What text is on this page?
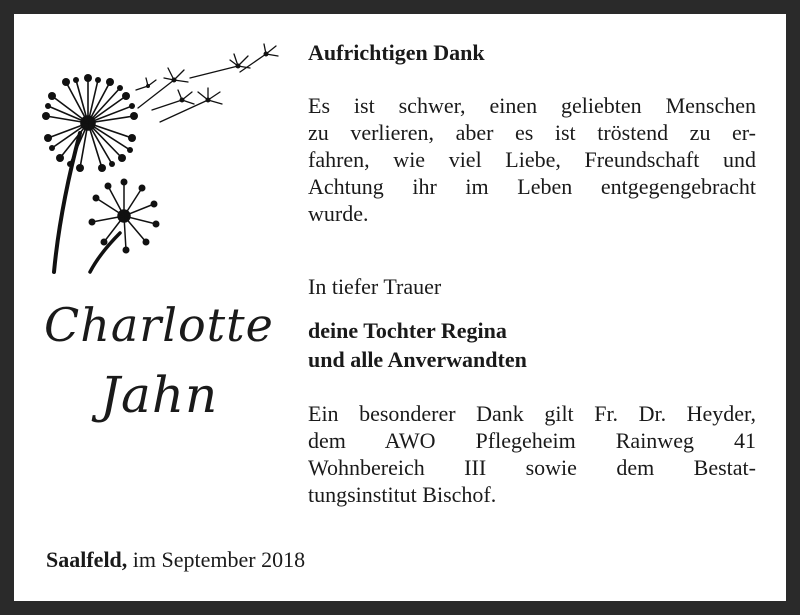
Aufrichtigen Dank
Es ist schwer, einen geliebten Menschen
zu verlieren, aber es ist tröstend zu er-
fahren, wie viel Liebe, Freundschaft und
Achtung ihr im Leben entgegengebracht
wurde.
In tiefer Trauer
deine Tochter Regina
und alle Anverwandten
Ein besonderer Dank gilt Fr. Dr. Heyder,
dem AWO Pflegeheim Rainweg 41
Wohnbereich III sowie dem Bestat-
tungsinstitut Bischof.
Charlotte
Jahn
Saalfeld, im September 2018
